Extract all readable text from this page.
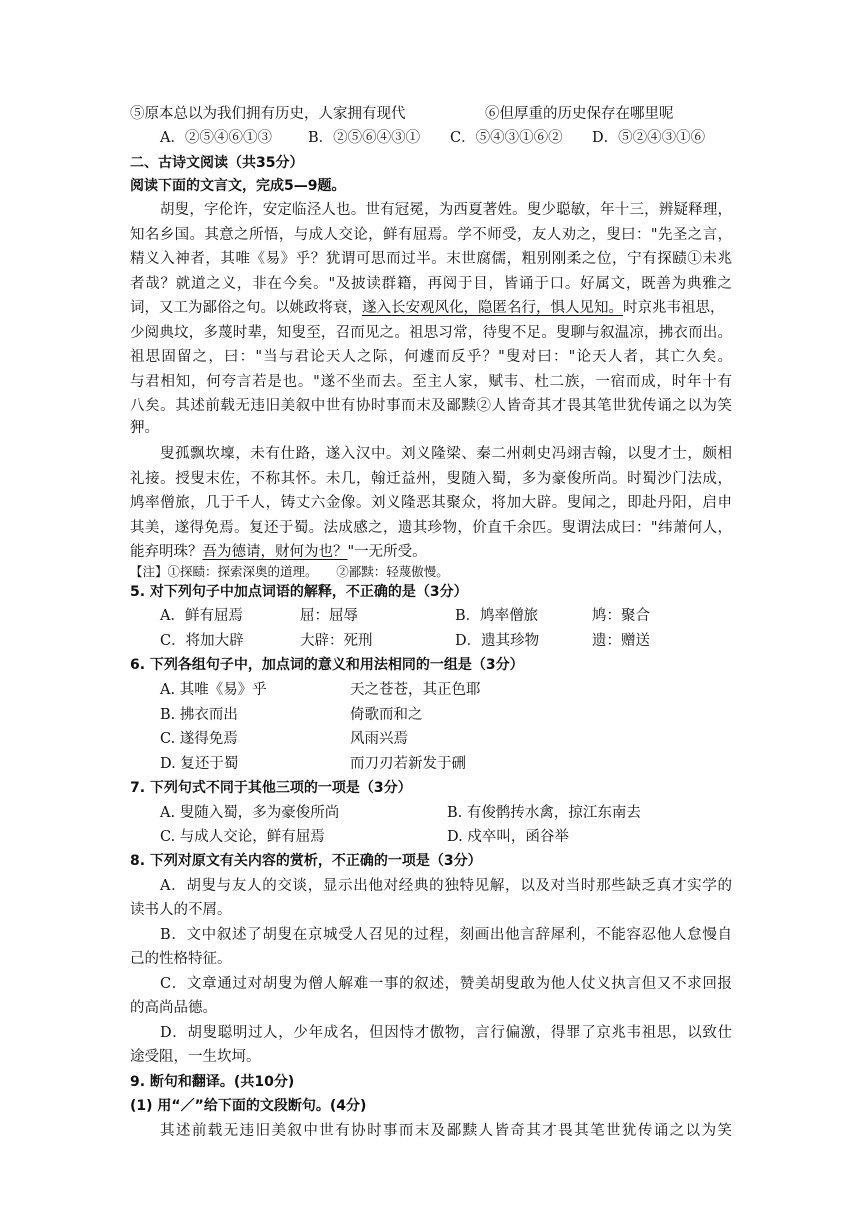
⑤原本总以为我们拥有历史，人家拥有现代	⑥但厚重的历史保存在哪里呢
A．②⑤④⑥①③ B．②⑤⑥④③① C．⑤④③①⑥② D．⑤②④③①⑥
二、古诗文阅读（共35分）
阅读下面的文言文，完成5—9题。
胡叟，字伦许，安定临泾人也。世有冠冕，为西夏著姓。叟少聪敏，年十三，辨疑释理，
知名乡国。其意之所悟，与成人交论，鲜有屈焉。学不师受，友人劝之，叟曰："先圣之言，
精义入神者，其唯《易》乎？犹谓可思而过半。末世腐儒，粗别刚柔之位，宁有探赜①未兆
者哉？就道之义，非在今矣。"及披读群籍，再阅于目，皆诵于口。好属文，既善为典雅之
词，又工为鄙俗之句。以姚政将衰，遂入长安观风化，隐匿名行，惧人见知。时京兆韦祖思，
少阅典坟，多蔑时辈，知叟至，召而见之。祖思习常，待叟不足。叟聊与叙温凉，拂衣而出。
祖思固留之，曰："当与君论天人之际，何遽而反乎？"叟对曰："论天人者，其亡久矣。
与君相知，何夸言若是也。"遂不坐而去。至主人家，赋韦、杜二族，一宿而成，时年十有
八矣。其述前载无违旧美叙中世有协时事而末及鄙黩②人皆奇其才畏其笔世犹传诵之以为笑
狎。
叟孤飘坎壈，未有仕路，遂入汉中。刘义隆梁、秦二州刺史冯翊吉翰，以叟才士，颇相
礼接。授叟末佐，不称其怀。未几，翰迁益州，叟随入蜀，多为豪俊所尚。时蜀沙门法成，
鸠率僧旅，几于千人，铸丈六金像。刘义隆恶其聚众，将加大辟。叟闻之，即赴丹阳，启申
其美，遂得免焉。复还于蜀。法成感之，遗其珍物，价直千余匹。叟谓法成曰："纬萧何人，
能弃明珠？吾为德请，财何为也？"一无所受。
【注】①探赜：探索深奥的道理。　　②鄙黩：轻蔑傲慢。
5. 对下列句子中加点词语的解释，不正确的是（3分）
A．鲜有屈焉	屈：屈辱	B．鸠率僧旅	鸠：聚合
C．将加大辟	大辟：死刑	D．遗其珍物	遗：赠送
6. 下列各组句子中，加点词的意义和用法相同的一组是（3分）
A. 其唯《易》乎	天之苍苍，其正色耶
B. 拂衣而出	倚歌而和之
C. 遂得免焉	风雨兴焉
D. 复还于蜀	而刀刃若新发于硎
7. 下列句式不同于其他三项的一项是（3分）
A. 叟随入蜀，多为豪俊所尚	B. 有俊鹘抟水禽，掠江东南去
C. 与成人交论，鲜有屈焉	D. 戍卒叫，函谷举
8. 下列对原文有关内容的赏析，不正确的一项是（3分）
A．胡叟与友人的交谈，显示出他对经典的独特见解，以及对当时那些缺乏真才实学的
读书人的不屑。
B．文中叙述了胡叟在京城受人召见的过程，刻画出他言辞犀利，不能容忍他人怠慢自
己的性格特征。
C．文章通过对胡叟为僧人解难一事的叙述，赞美胡叟敢为他人仗义执言但又不求回报
的高尚品德。
D．胡叟聪明过人，少年成名，但因恃才傲物，言行偏激，得罪了京兆韦祖思，以致仕
途受阻，一生坎坷。
9. 断句和翻译。(共10分)
(1) 用“／”给下面的文段断句。(4分)
其述前载无违旧美叙中世有协时事而末及鄙黩人皆奇其才畏其笔世犹传诵之以为笑
